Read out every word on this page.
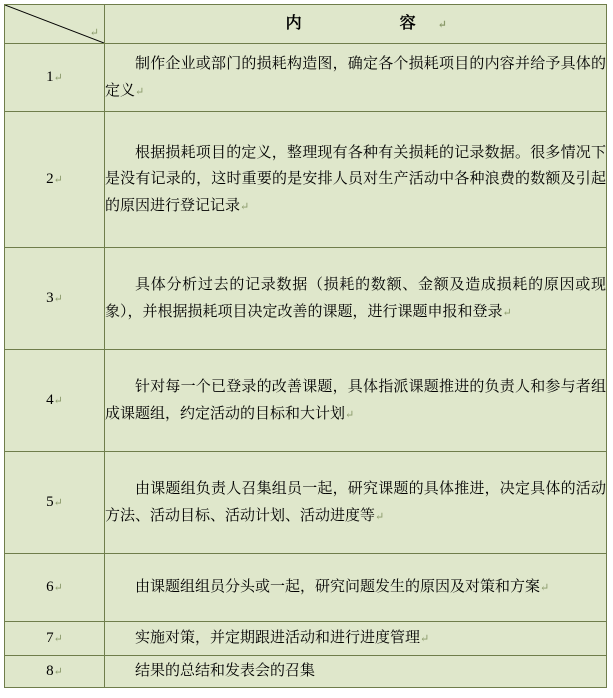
↵	内　　容↵
1↵	制作企业或部门的损耗构造图，确定各个损耗项目的内容并给予具体的定义↵

2↵	根据损耗项目的定义，整理现有各种有关损耗的记录数据。很多情况下是没有记录的，这时重要的是安排人员对生产活动中各种浪费的数额及引起的原因进行登记记录↵

3↵	具体分析过去的记录数据（损耗的数额、金额及造成损耗的原因或现象），并根据损耗项目决定改善的课题，进行课题申报和登录↵

4↵	针对每一个已登录的改善课题，具体指派课题推进的负责人和参与者组成课题组，约定活动的目标和大计划↵

5↵	由课题组负责人召集组员一起，研究课题的具体推进，决定具体的活动方法、活动目标、活动计划、活动进度等↵

6↵	由课题组组员分头或一起，研究问题发生的原因及对策和方案↵

7↵	实施对策，并定期跟进活动和进行进度管理↵

8↵	结果的总结和发表会的召集
